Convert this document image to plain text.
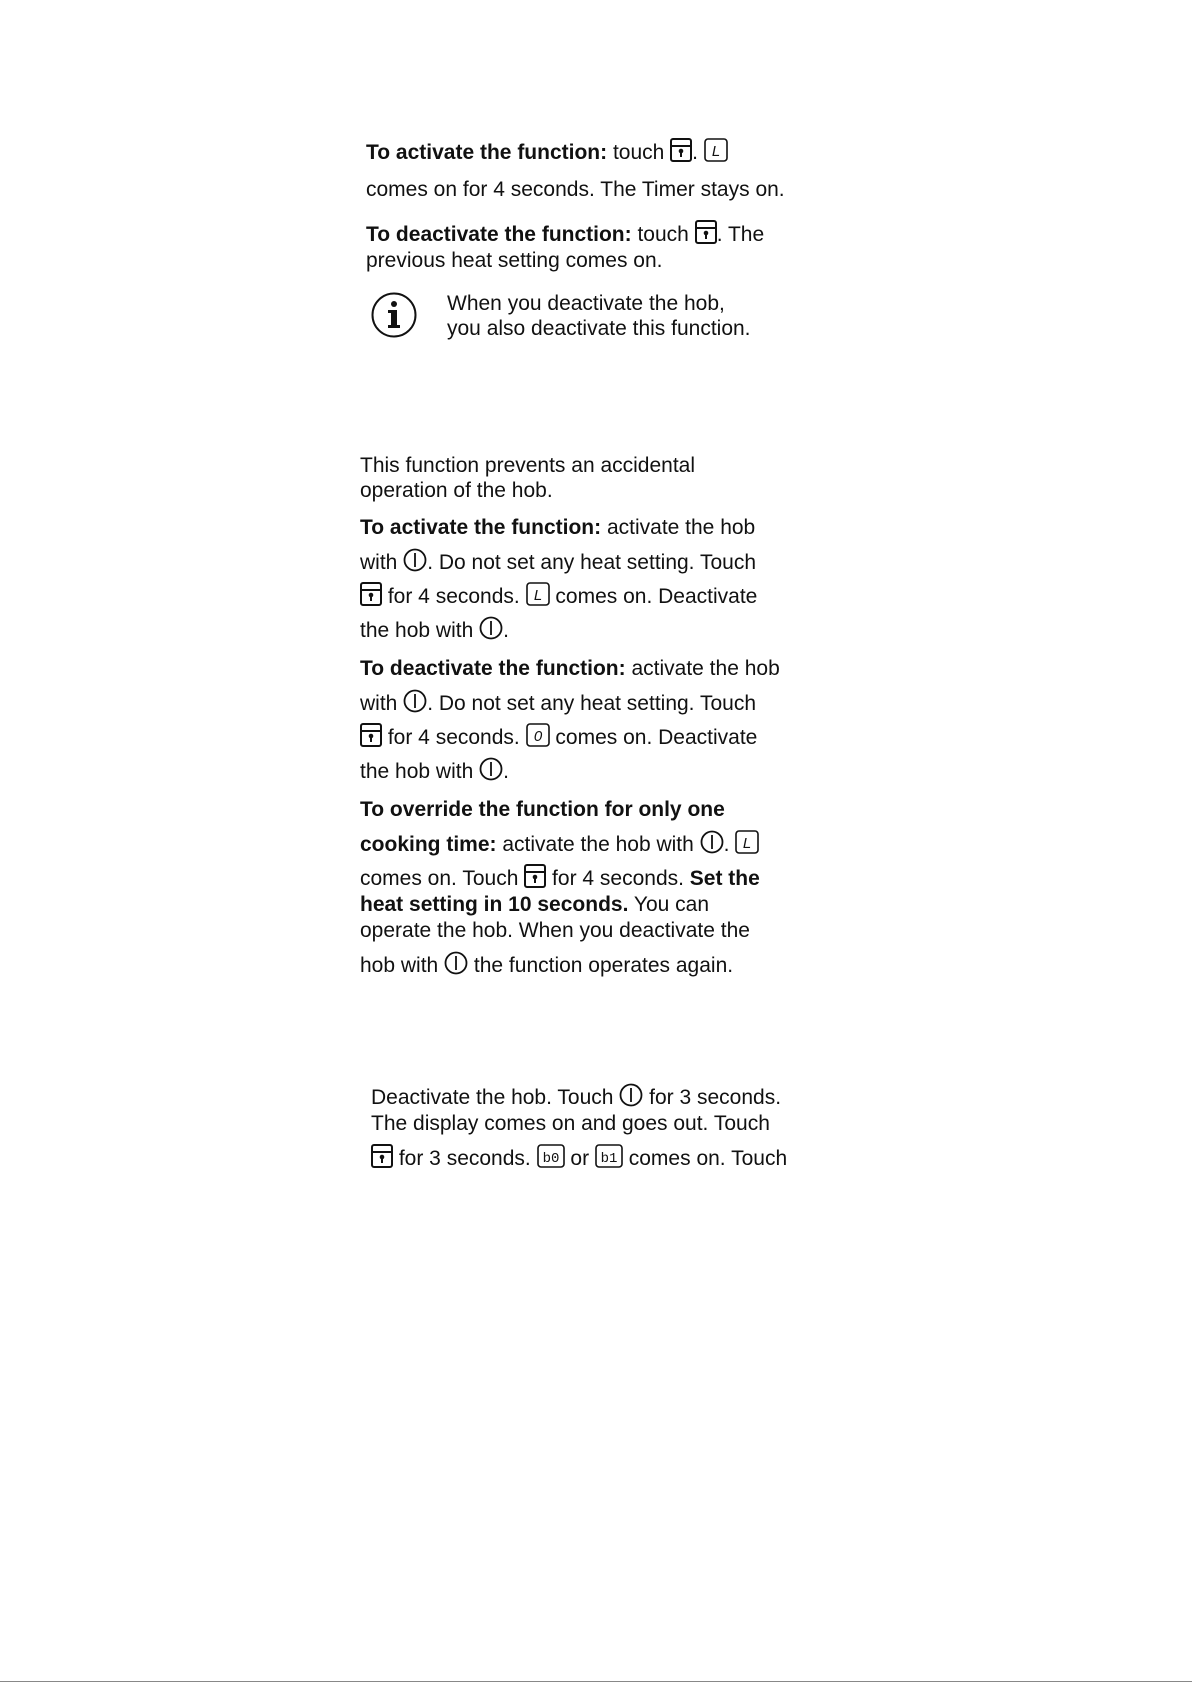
To activate the function: touch
. L
comes on for 4 seconds. The Timer stays on.
To deactivate the function: touch
. The
previous heat setting comes on.
When you deactivate the hob,
you also deactivate this function.
This function prevents an accidental
operation of the hob.
To activate the function: activate the hob
with
. Do not set any heat setting. Touch
for 4 seconds. L comes on. Deactivate
the hob with
.
To deactivate the function: activate the hob
with
. Do not set any heat setting. Touch
for 4 seconds. 0 comes on. Deactivate
the hob with
.
To override the function for only one
cooking time: activate the hob with
. L
comes on. Touch
for 4 seconds. Set the
heat setting in 10 seconds. You can
operate the hob. When you deactivate the
hob with
the function operates again.
Deactivate the hob. Touch
for 3 seconds.
The display comes on and goes out. Touch
for 3 seconds. b0 or b1 comes on. Touch
